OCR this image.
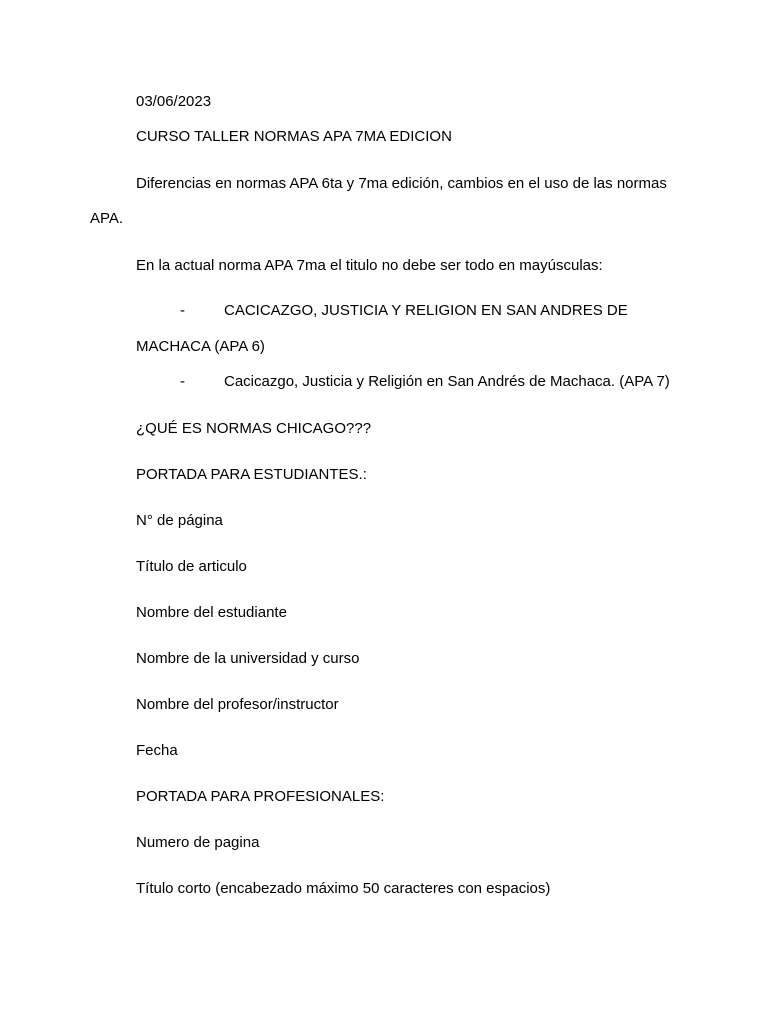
03/06/2023

CURSO TALLER NORMAS APA 7MA EDICION

Diferencias en normas APA 6ta y 7ma edición, cambios en el uso de las normas

APA.

En la actual norma APA 7ma el titulo no debe ser todo en mayúsculas:

-	CACICAZGO, JUSTICIA Y RELIGION EN SAN ANDRES DE

MACHACA (APA 6)

-	Cacicazgo, Justicia y Religión en San Andrés de Machaca. (APA 7)

¿QUÉ ES NORMAS CHICAGO???

PORTADA PARA ESTUDIANTES.:

N° de página

Título de articulo

Nombre del estudiante

Nombre de la universidad y curso

Nombre del profesor/instructor

Fecha

PORTADA PARA PROFESIONALES:

Numero de pagina

Título corto (encabezado máximo 50 caracteres con espacios)
